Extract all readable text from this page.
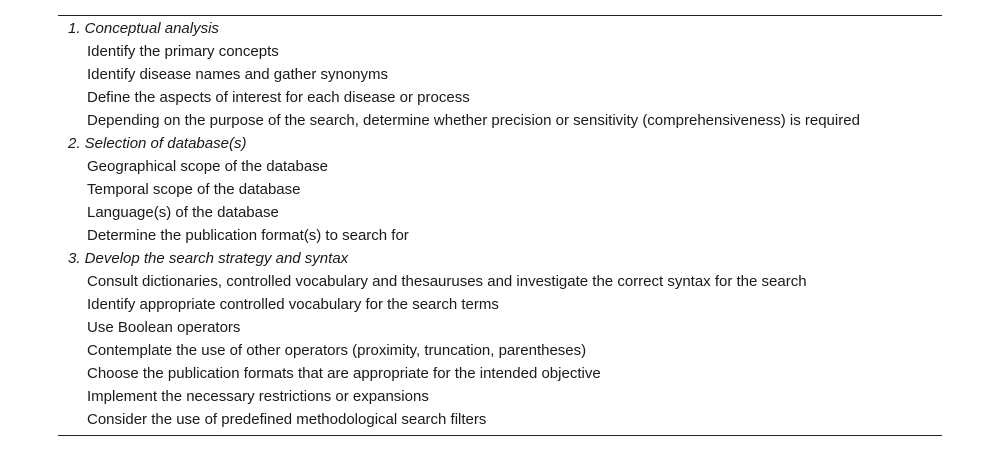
1. Conceptual analysis
Identify the primary concepts
Identify disease names and gather synonyms
Define the aspects of interest for each disease or process
Depending on the purpose of the search, determine whether precision or sensitivity (comprehensiveness) is required
2. Selection of database(s)
Geographical scope of the database
Temporal scope of the database
Language(s) of the database
Determine the publication format(s) to search for
3. Develop the search strategy and syntax
Consult dictionaries, controlled vocabulary and thesauruses and investigate the correct syntax for the search
Identify appropriate controlled vocabulary for the search terms
Use Boolean operators
Contemplate the use of other operators (proximity, truncation, parentheses)
Choose the publication formats that are appropriate for the intended objective
Implement the necessary restrictions or expansions
Consider the use of predefined methodological search filters
